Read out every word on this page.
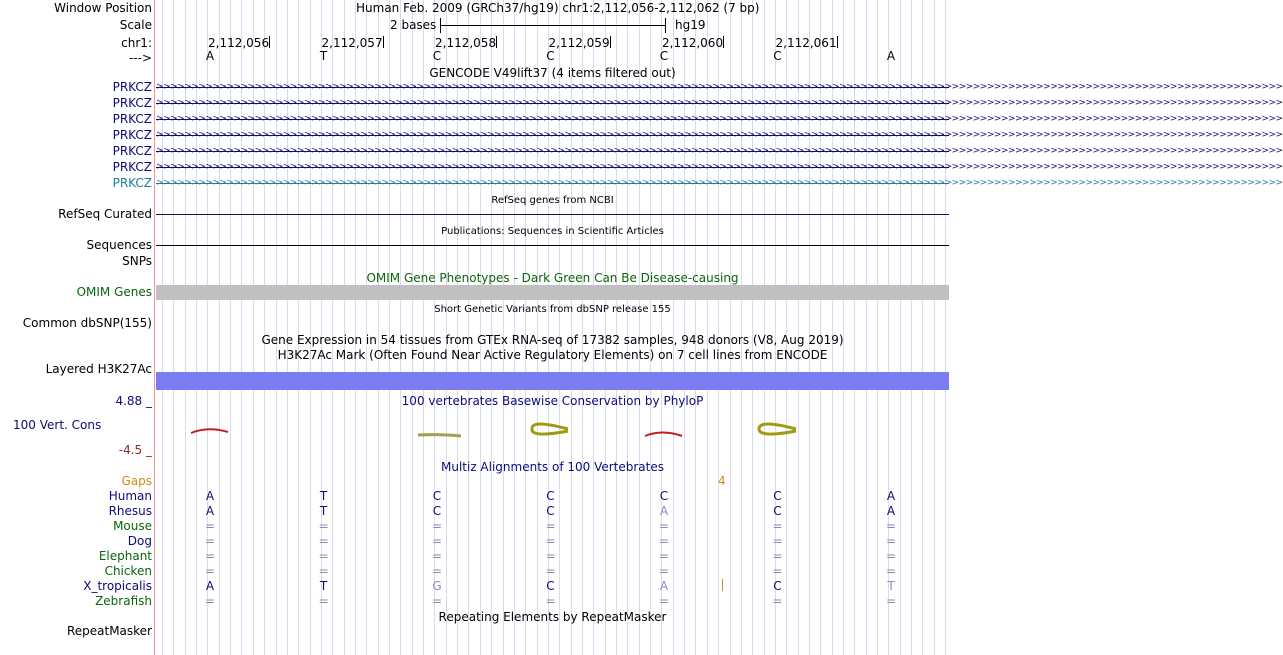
Window Position	Human Feb. 2009 (GRCh37/hg19) chr1:2,112,056-2,112,062 (7 bp)
Scale	2 bases	hg19
chr1:	2,112,056	2,112,057	2,112,058	2,112,059	2,112,060	2,112,061
--->	A	T	C	C	C	C	A
GENCODE V49lift37 (4 items filtered out)
PRKCZ >>>>>>>>>>>>>>>>>>>>>>>>>>>>>>>>>>>>>>>>>>>>>>>>>>>>>>>>>>>>>>>>>>>>>>>>>>>>>>>>>>>>>>>>>>>>>>>>>>>>>>>>>>>>>>>>>>>>>>>>>>>>>>>>>>>>>>>>>>>>>>>>>>>>>>>>>>>>>>>>
PRKCZ >>>>>>>>>>>>>>>>>>>>>>>>>>>>>>>>>>>>>>>>>>>>>>>>>>>>>>>>>>>>>>>>>>>>>>>>>>>>>>>>>>>>>>>>>>>>>>>>>>>>>>>>>>>>>>>>>>>>>>>>>>>>>>>>>>>>>>>>>>>>>>>>>>>>>>>>>>>>>>>>
PRKCZ >>>>>>>>>>>>>>>>>>>>>>>>>>>>>>>>>>>>>>>>>>>>>>>>>>>>>>>>>>>>>>>>>>>>>>>>>>>>>>>>>>>>>>>>>>>>>>>>>>>>>>>>>>>>>>>>>>>>>>>>>>>>>>>>>>>>>>>>>>>>>>>>>>>>>>>>>>>>>>>>
PRKCZ >>>>>>>>>>>>>>>>>>>>>>>>>>>>>>>>>>>>>>>>>>>>>>>>>>>>>>>>>>>>>>>>>>>>>>>>>>>>>>>>>>>>>>>>>>>>>>>>>>>>>>>>>>>>>>>>>>>>>>>>>>>>>>>>>>>>>>>>>>>>>>>>>>>>>>>>>>>>>>>>
PRKCZ >>>>>>>>>>>>>>>>>>>>>>>>>>>>>>>>>>>>>>>>>>>>>>>>>>>>>>>>>>>>>>>>>>>>>>>>>>>>>>>>>>>>>>>>>>>>>>>>>>>>>>>>>>>>>>>>>>>>>>>>>>>>>>>>>>>>>>>>>>>>>>>>>>>>>>>>>>>>>>>>
PRKCZ >>>>>>>>>>>>>>>>>>>>>>>>>>>>>>>>>>>>>>>>>>>>>>>>>>>>>>>>>>>>>>>>>>>>>>>>>>>>>>>>>>>>>>>>>>>>>>>>>>>>>>>>>>>>>>>>>>>>>>>>>>>>>>>>>>>>>>>>>>>>>>>>>>>>>>>>>>>>>>>>
PRKCZ >>>>>>>>>>>>>>>>>>>>>>>>>>>>>>>>>>>>>>>>>>>>>>>>>>>>>>>>>>>>>>>>>>>>>>>>>>>>>>>>>>>>>>>>>>>>>>>>>>>>>>>>>>>>>>>>>>>>>>>>>>>>>>>>>>>>>>>>>>>>>>>>>>>>>>>>>>>>>>>>
RefSeq genes from NCBI
RefSeq Curated
Publications: Sequences in Scientific Articles
Sequences
SNPs
OMIM Gene Phenotypes - Dark Green Can Be Disease-causing
OMIM Genes
Short Genetic Variants from dbSNP release 155
Common dbSNP(155)
Gene Expression in 54 tissues from GTEx RNA-seq of 17382 samples, 948 donors (V8, Aug 2019)
H3K27Ac Mark (Often Found Near Active Regulatory Elements) on 7 cell lines from ENCODE
Layered H3K27Ac
4.88 _	100 vertebrates Basewise Conservation by PhyloP
100 Vert. Cons
-4.5 _
Multiz Alignments of 100 Vertebrates
Gaps	4
Human	A	T	C	C	C	C	A
Rhesus	A	T	C	C	A	C	A
Mouse	=	=	=	=	=	=	=
Dog	=	=	=	=	=	=	=
Elephant	=	=	=	=	=	=	=
Chicken	=	=	=	=	=	=	=
X_tropicalis	A	T	G	C	A	C	T
Zebrafish	=	=	=	=	=	=	=
Repeating Elements by RepeatMasker
RepeatMasker
